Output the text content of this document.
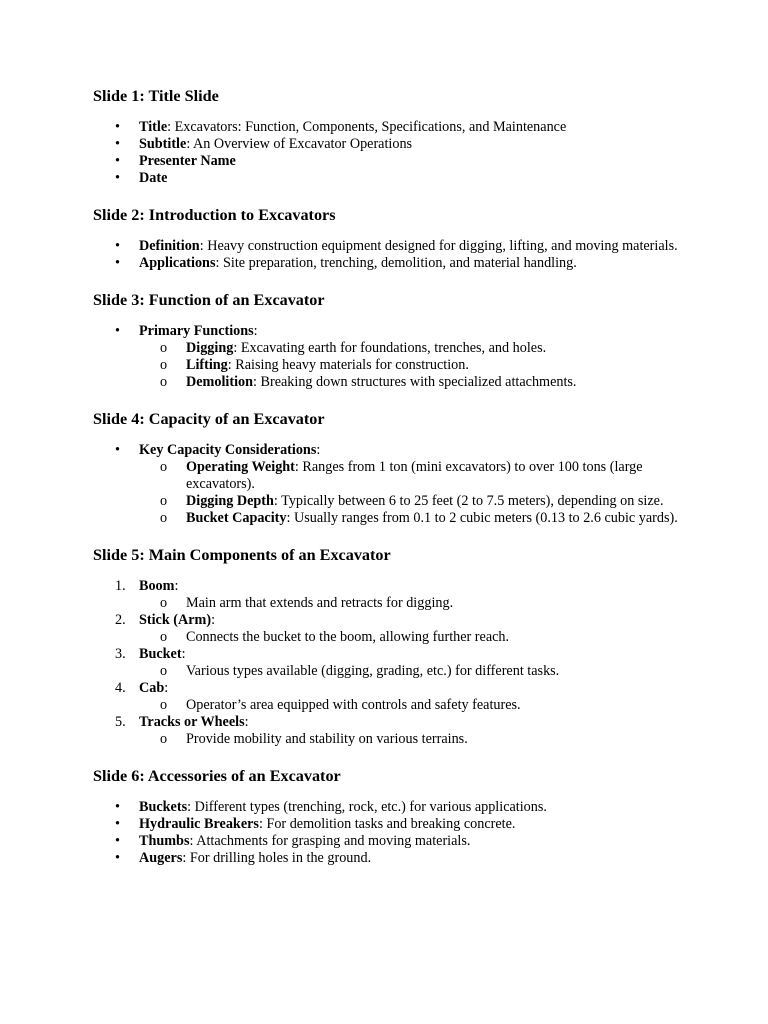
Slide 1: Title Slide
•	Title: Excavators: Function, Components, Specifications, and Maintenance
•	Subtitle: An Overview of Excavator Operations
•	Presenter Name
•	Date
Slide 2: Introduction to Excavators
•	Definition: Heavy construction equipment designed for digging, lifting, and moving materials.
•	Applications: Site preparation, trenching, demolition, and material handling.
Slide 3: Function of an Excavator
•	Primary Functions:
o Digging: Excavating earth for foundations, trenches, and holes.
o Lifting: Raising heavy materials for construction.
o Demolition: Breaking down structures with specialized attachments.
Slide 4: Capacity of an Excavator
•	Key Capacity Considerations:
o Operating Weight: Ranges from 1 ton (mini excavators) to over 100 tons (large excavators).
o Digging Depth: Typically between 6 to 25 feet (2 to 7.5 meters), depending on size.
o Bucket Capacity: Usually ranges from 0.1 to 2 cubic meters (0.13 to 2.6 cubic yards).
Slide 5: Main Components of an Excavator
1. Boom:
o Main arm that extends and retracts for digging.
2. Stick (Arm):
o Connects the bucket to the boom, allowing further reach.
3. Bucket:
o Various types available (digging, grading, etc.) for different tasks.
4. Cab:
o Operator’s area equipped with controls and safety features.
5. Tracks or Wheels:
o Provide mobility and stability on various terrains.
Slide 6: Accessories of an Excavator
•	Buckets: Different types (trenching, rock, etc.) for various applications.
•	Hydraulic Breakers: For demolition tasks and breaking concrete.
•	Thumbs: Attachments for grasping and moving materials.
•	Augers: For drilling holes in the ground.
